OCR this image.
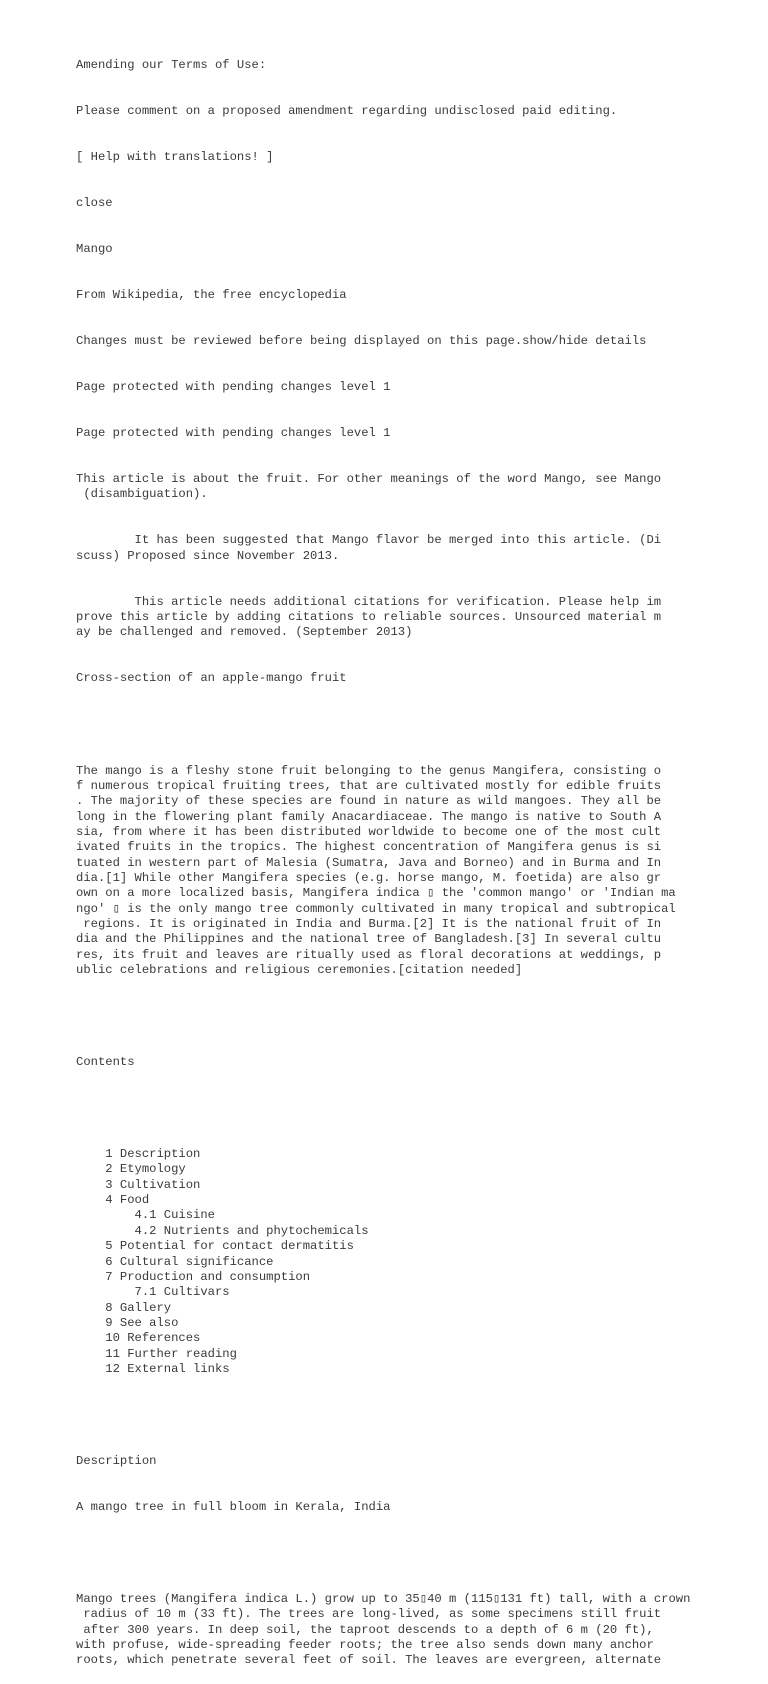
Amending our Terms of Use:

Please comment on a proposed amendment regarding undisclosed paid editing.

[ Help with translations! ]

close

Mango

From Wikipedia, the free encyclopedia

Changes must be reviewed before being displayed on this page.show/hide details

Page protected with pending changes level 1

Page protected with pending changes level 1

This article is about the fruit. For other meanings of the word Mango, see Mango
(disambiguation).

It has been suggested that Mango flavor be merged into this article. (Di
scuss) Proposed since November 2013.

This article needs additional citations for verification. Please help im
prove this article by adding citations to reliable sources. Unsourced material m
ay be challenged and removed. (September 2013)

Cross-section of an apple-mango fruit

The mango is a fleshy stone fruit belonging to the genus Mangifera, consisting o
f numerous tropical fruiting trees, that are cultivated mostly for edible fruits
. The majority of these species are found in nature as wild mangoes. They all be
long in the flowering plant family Anacardiaceae. The mango is native to South A
sia, from where it has been distributed worldwide to become one of the most cult
ivated fruits in the tropics. The highest concentration of Mangifera genus is si
tuated in western part of Malesia (Sumatra, Java and Borneo) and in Burma and In
dia.[1] While other Mangifera species (e.g. horse mango, M. foetida) are also gr
own on a more localized basis, Mangifera indica ▯ the 'common mango' or 'Indian ma
ngo' ▯ is the only mango tree commonly cultivated in many tropical and subtropical
regions. It is originated in India and Burma.[2] It is the national fruit of In
dia and the Philippines and the national tree of Bangladesh.[3] In several cultu
res, its fruit and leaves are ritually used as floral decorations at weddings, p
ublic celebrations and religious ceremonies.[citation needed]

Contents

1 Description
2 Etymology
3 Cultivation
4 Food
4.1 Cuisine
4.2 Nutrients and phytochemicals
5 Potential for contact dermatitis
6 Cultural significance
7 Production and consumption
7.1 Cultivars
8 Gallery
9 See also
10 References
11 Further reading
12 External links

Description

A mango tree in full bloom in Kerala, India

Mango trees (Mangifera indica L.) grow up to 35▯40 m (115▯131 ft) tall, with a crown
radius of 10 m (33 ft). The trees are long-lived, as some specimens still fruit
after 300 years. In deep soil, the taproot descends to a depth of 6 m (20 ft),
with profuse, wide-spreading feeder roots; the tree also sends down many anchor
roots, which penetrate several feet of soil. The leaves are evergreen, alternate
